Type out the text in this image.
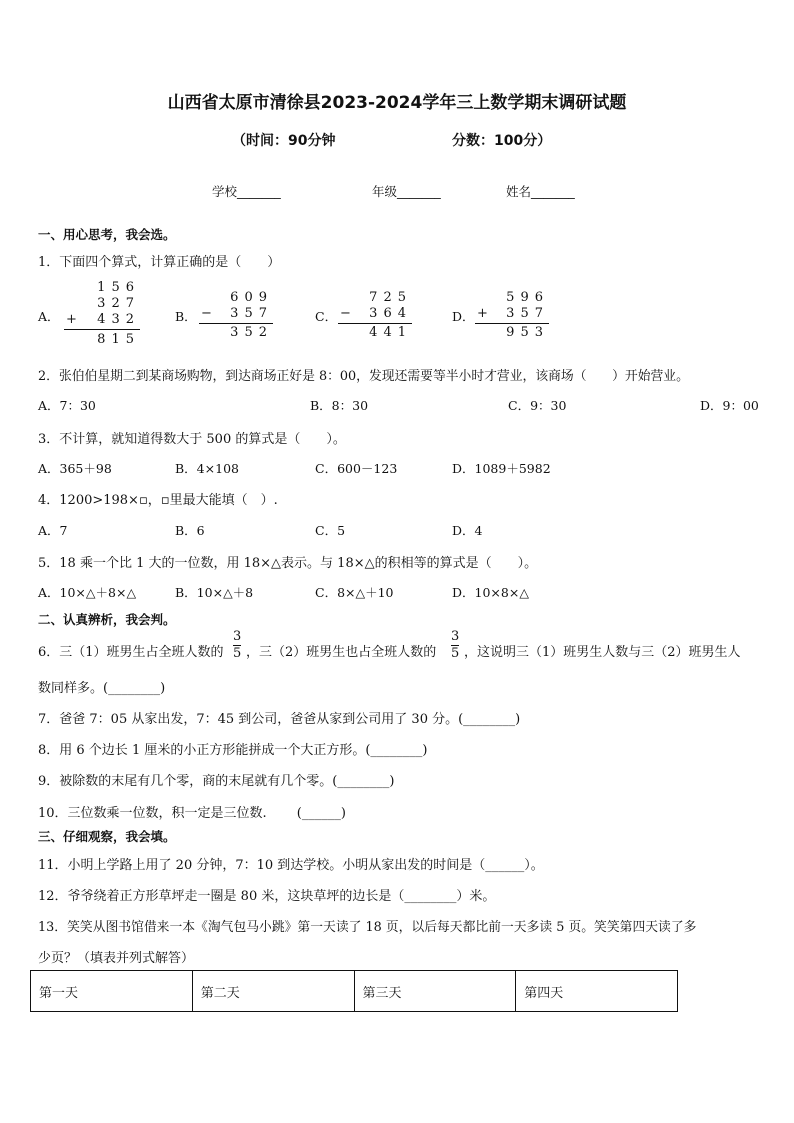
山西省太原市清徐县2023-2024学年三上数学期末调研试题
（时间：90分钟	分数：100分）
学校_______	年级_______	姓名_______
一、用心思考，我会选。
1．下面四个算式，计算正确的是（　　）
A．
156
327
+ 432
815
B．
609
− 357
352
C．
725
− 364
441
D．
596
+ 357
953
2．张伯伯星期二到某商场购物，到达商场正好是 8：00，发现还需要等半小时才营业，该商场（　　）开始营业。
A．7：30	B．8：30	C．9：30	D．9：00
3．不计算，就知道得数大于 500 的算式是（　　）。
A．365＋98	B．4×108	C．600－123	D．1089＋5982
4．1200>198×▫，▫里最大能填（　）.
A．7	B．6	C．5	D．4
5．18 乘一个比 1 大的一位数，用 18×△表示。与 18×△的积相等的算式是（　　）。
A．10×△＋8×△	B．10×△＋8	C．8×△＋10	D．10×8×△
二、认真辨析，我会判。
6．三（1）班男生占全班人数的
3
5 ，三（2）班男生也占全班人数的
3
5 ，这说明三（1）班男生人数与三（2）班男生人
数同样多。(________)
7．爸爸 7：05 从家出发，7：45 到公司，爸爸从家到公司用了 30 分。(________)
8．用 6 个边长 1 厘米的小正方形能拼成一个大正方形。(________)
9．被除数的末尾有几个零，商的末尾就有几个零。(________)
10．三位数乘一位数，积一定是三位数.　　 (______)
三、仔细观察，我会填。
11．小明上学路上用了 20 分钟，7：10 到达学校。小明从家出发的时间是（______）。
12．爷爷绕着正方形草坪走一圈是 80 米，这块草坪的边长是（________）米。
13．笑笑从图书馆借来一本《淘气包马小跳》第一天读了 18 页，以后每天都比前一天多读 5 页。笑笑第四天读了多
少页？（填表并列式解答）
第一天	第二天	第三天	第四天
